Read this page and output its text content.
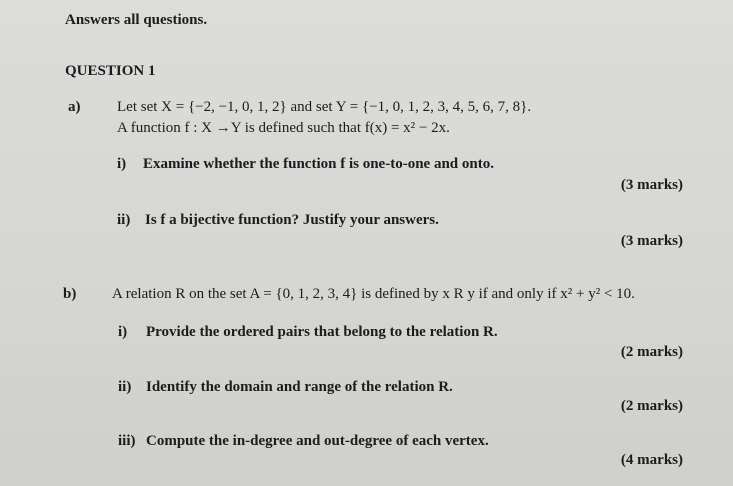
Answers all questions.
QUESTION 1
a) Let set X = {−2, −1, 0, 1, 2} and set Y = {−1, 0, 1, 2, 3, 4, 5, 6, 7, 8}.
A function f : X →Y is defined such that f(x) = x² − 2x.
i) Examine whether the function f is one-to-one and onto.
(3 marks)
ii) Is f a bijective function? Justify your answers.
(3 marks)
b) A relation R on the set A = {0, 1, 2, 3, 4} is defined by x R y if and only if x² + y² < 10.
i) Provide the ordered pairs that belong to the relation R.
(2 marks)
ii) Identify the domain and range of the relation R.
(2 marks)
iii) Compute the in-degree and out-degree of each vertex.
(4 marks)
